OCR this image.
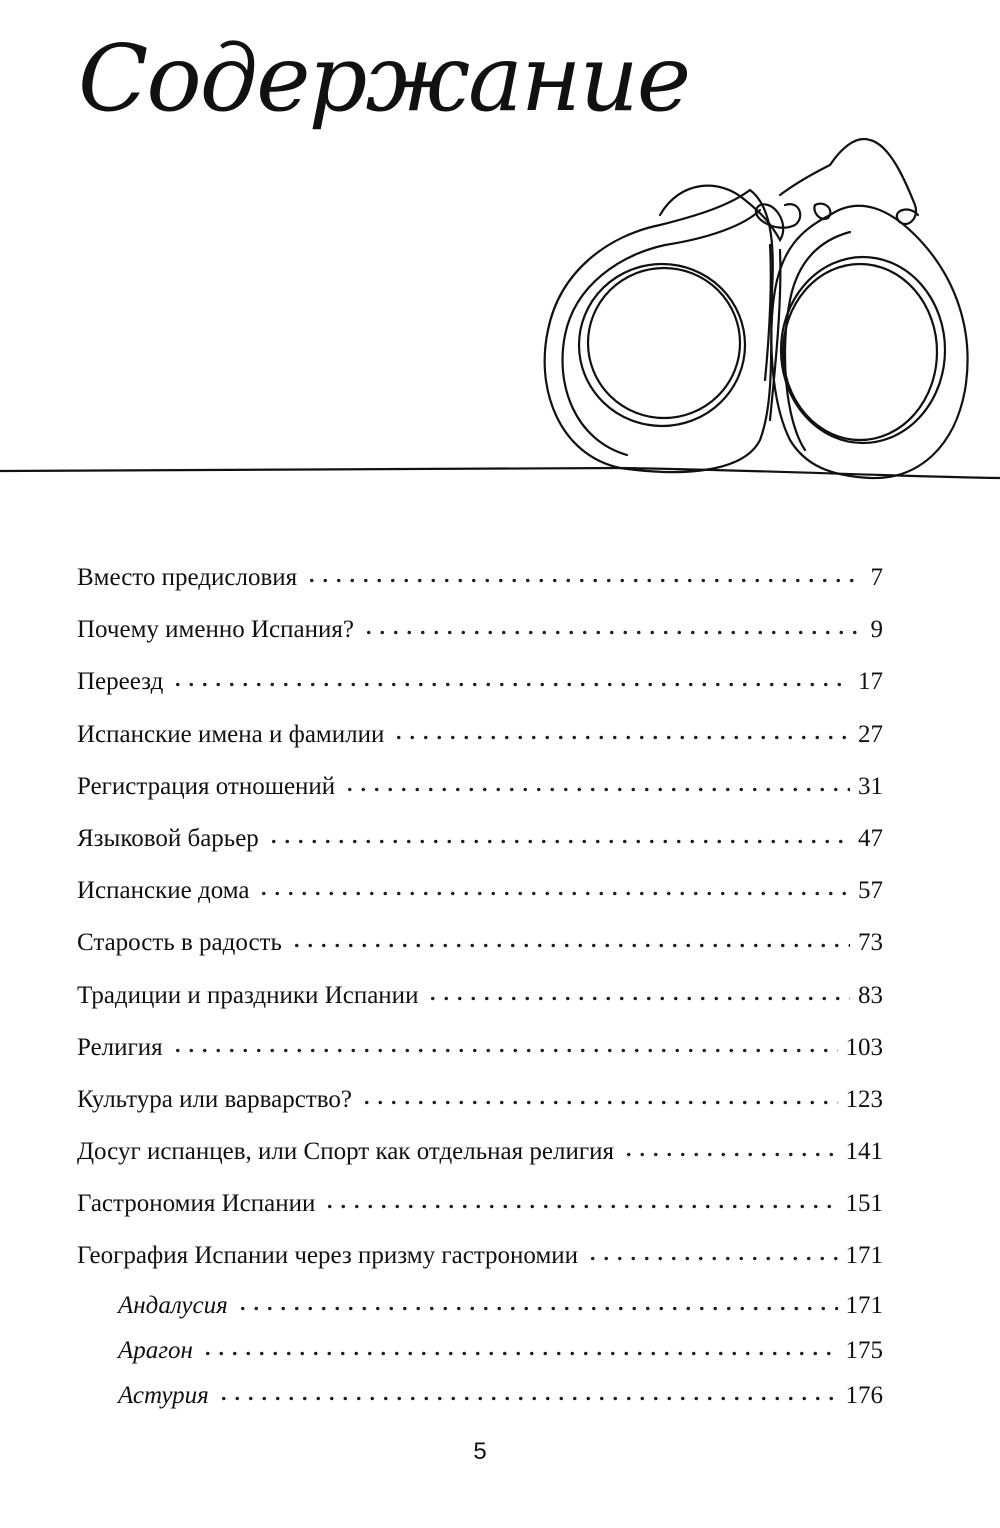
Содержание
Вместо предисловия	7
Почему именно Испания?	9
Переезд	17
Испанские имена и фамилии	27
Регистрация отношений	31
Языковой барьер	47
Испанские дома	57
Старость в радость	73
Традиции и праздники Испании	83
Религия	103
Культура или варварство?	123
Досуг испанцев, или Спорт как отдельная религия	141
Гастрономия Испании	151
География Испании через призму гастрономии	171
Андалусия	171
Арагон	175
Астурия	176
5
